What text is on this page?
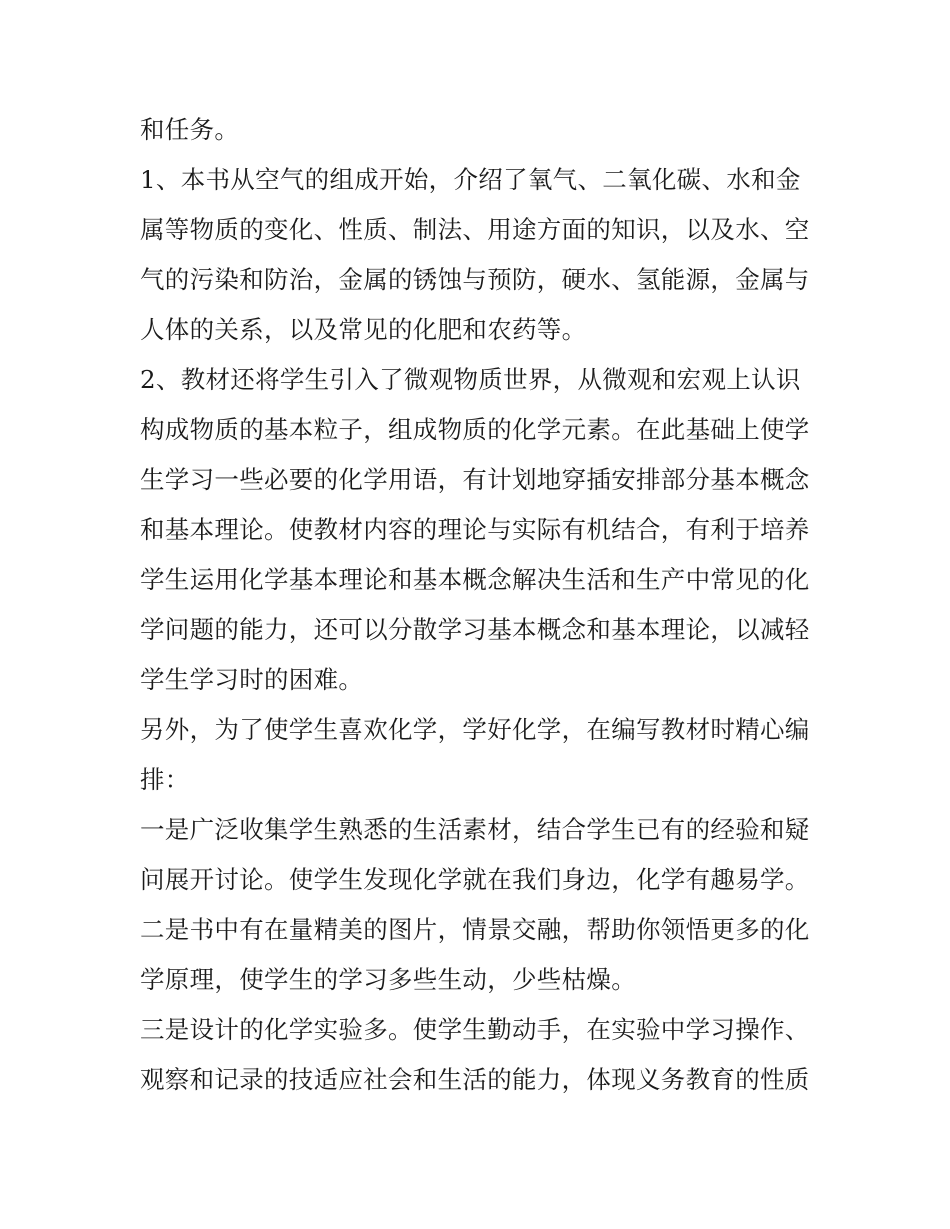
和任务。
1、本书从空气的组成开始，介绍了氧气、二氧化碳、水和金
属等物质的变化、性质、制法、用途方面的知识，以及水、空
气的污染和防治，金属的锈蚀与预防，硬水、氢能源，金属与
人体的关系，以及常见的化肥和农药等。
2、教材还将学生引入了微观物质世界，从微观和宏观上认识
构成物质的基本粒子，组成物质的化学元素。在此基础上使学
生学习一些必要的化学用语，有计划地穿插安排部分基本概念
和基本理论。使教材内容的理论与实际有机结合，有利于培养
学生运用化学基本理论和基本概念解决生活和生产中常见的化
学问题的能力，还可以分散学习基本概念和基本理论，以减轻
学生学习时的困难。
另外，为了使学生喜欢化学，学好化学，在编写教材时精心编
排：
一是广泛收集学生熟悉的生活素材，结合学生已有的经验和疑
问展开讨论。使学生发现化学就在我们身边，化学有趣易学。
二是书中有在量精美的图片，情景交融，帮助你领悟更多的化
学原理，使学生的学习多些生动，少些枯燥。
三是设计的化学实验多。使学生勤动手，在实验中学习操作、
观察和记录的技适应社会和生活的能力，体现义务教育的性质
